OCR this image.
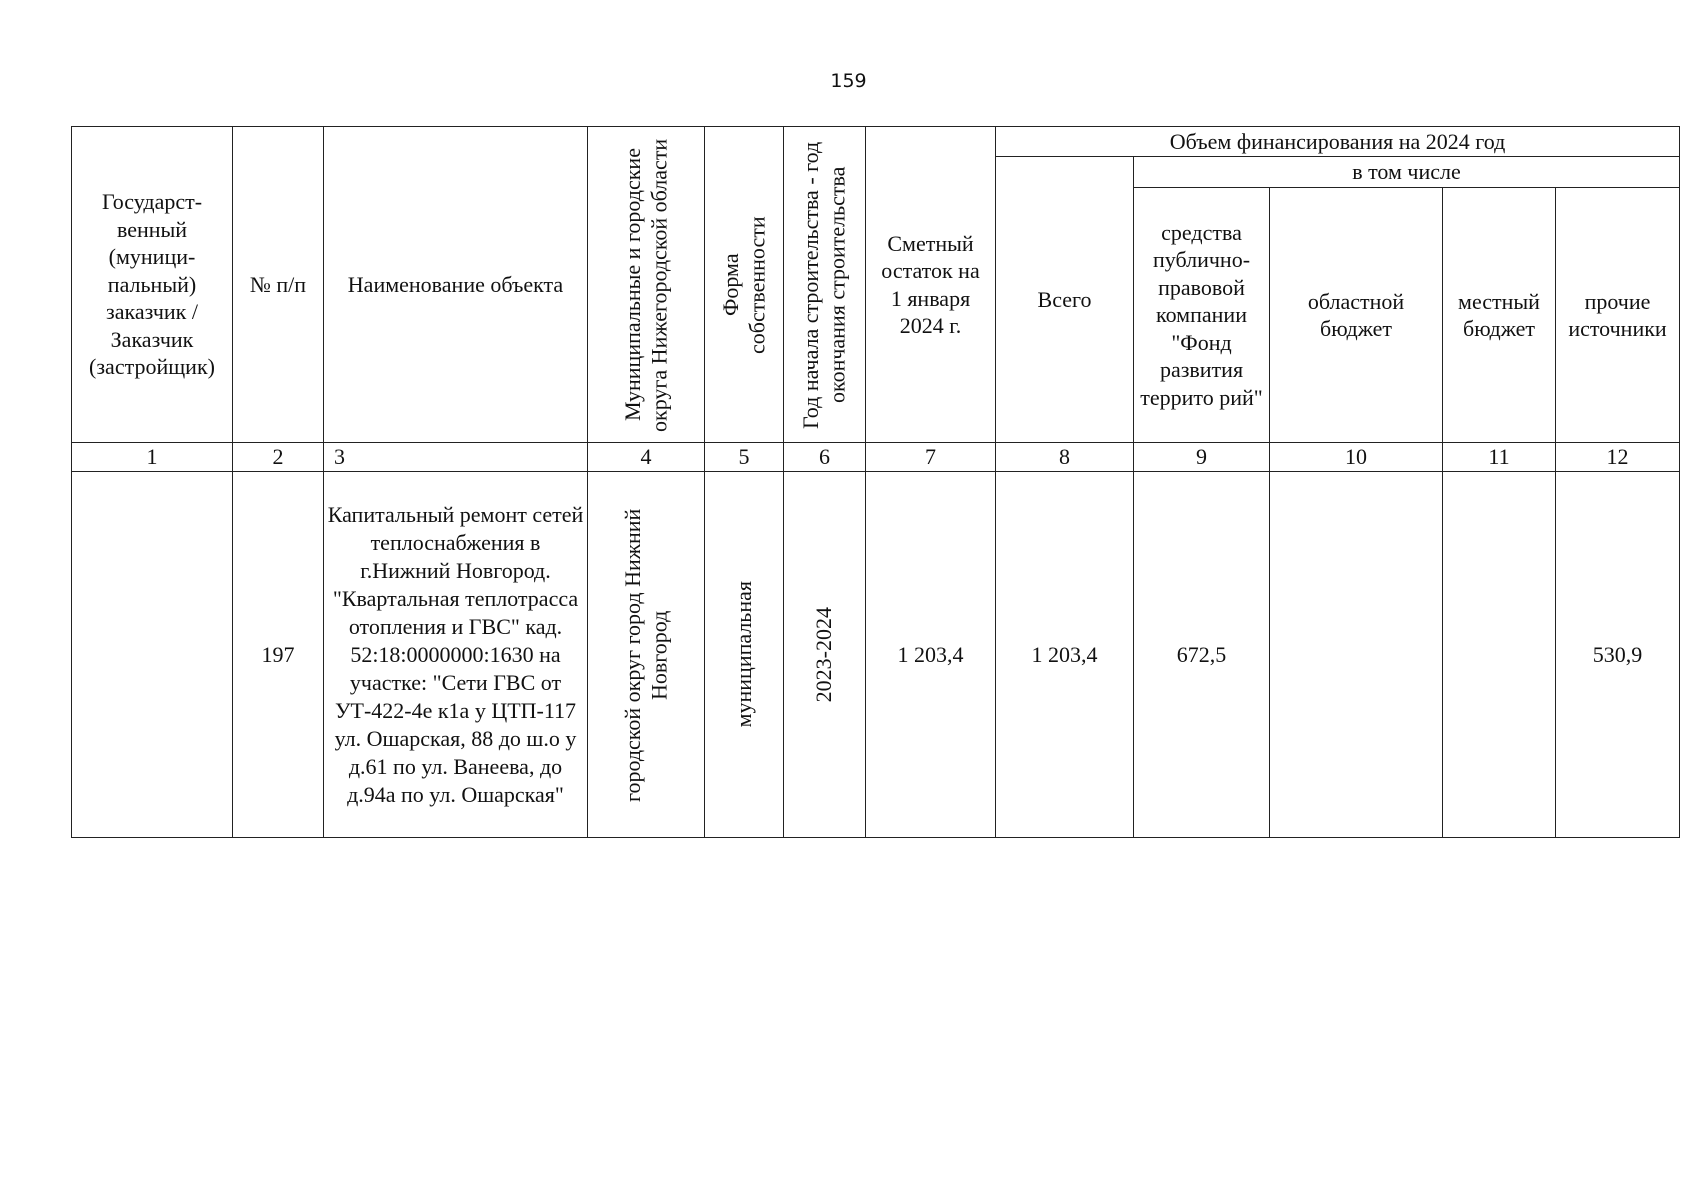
159
Государст-венный (муници-пальный) заказчик / Заказчик (застройщик)	№ п/п	Наименование объекта	Муниципальные и городские округа Нижегородской области	Форма собственности	Год начала строительства - год окончания строительства	Сметный остаток на 1 января 2024 г.	Объем финансирования на 2024 год				
							Всего	в том числе			
								средства публично-правовой компании "Фонд развития террито рий"	областной бюджет	местный бюджет	прочие источники
1	2	3	4	5	6	7	8	9	10	11	12
	197	Капитальный ремонт сетей теплоснабжения в г.Нижний Новгород. "Квартальная теплотрасса отопления и ГВС" кад. 52:18:0000000:1630 на участке: "Сети ГВС от УТ-422-4е к1а у ЦТП-117 ул. Ошарская, 88 до ш.о у д.61 по ул. Ванеева, до д.94а по ул. Ошарская"	городской округ город Нижний Новгород	муниципальная	2023-2024	1 203,4	1 203,4	672,5			530,9
